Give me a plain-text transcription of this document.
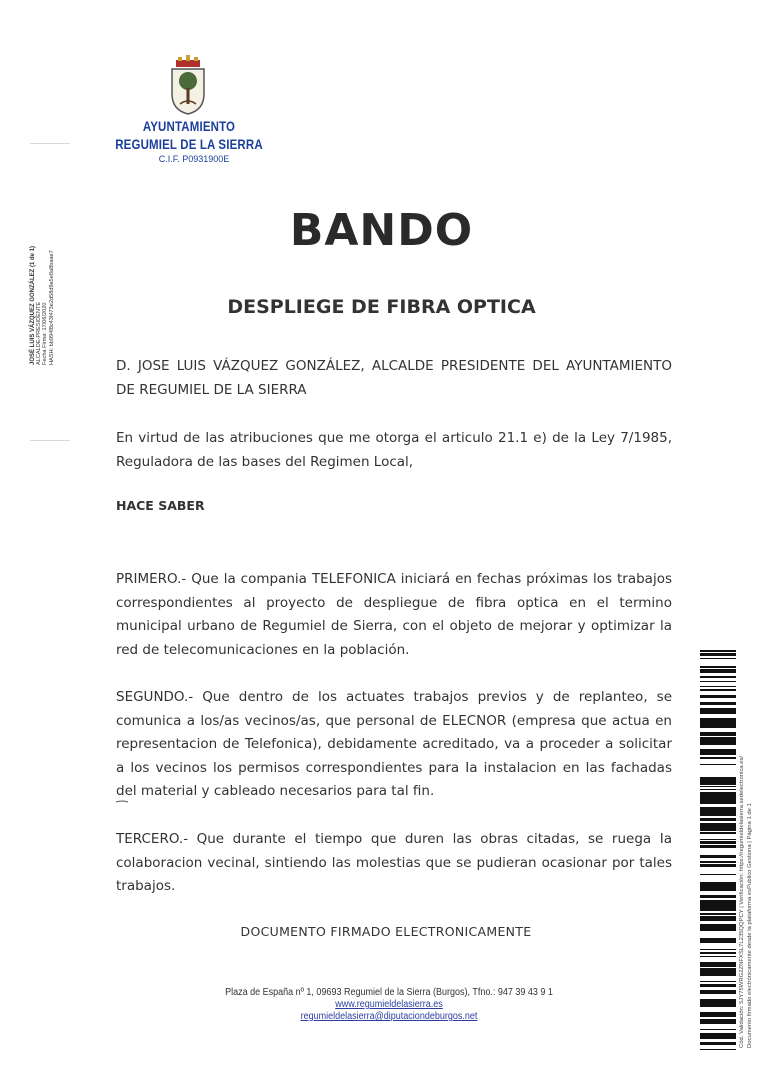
AYUNTAMIENTO
REGUMIEL DE LA SIERRA
C.I.F. P0931900E
JOSÉ LUIS VÁZQUEZ GONZÁLEZ (1 de 1) ALCALDE-PRESIDENTE Fecha Firma: 17/06/2020 HASH: bb994f8c43f473e2d58d9a5e8a8baae7
BANDO
DESPLIEGE DE FIBRA OPTICA
D. JOSE LUIS VÁZQUEZ GONZÁLEZ, ALCALDE PRESIDENTE DEL AYUNTAMIENTO DE REGUMIEL DE LA SIERRA
En virtud de las atribuciones que me otorga el articulo 21.1 e) de la Ley 7/1985, Reguladora de las bases del Regimen Local,
HACE SABER
PRIMERO.- Que la compania TELEFONICA iniciará en fechas próximas los trabajos correspondientes al proyecto de despliegue de fibra optica en el termino municipal urbano de Regumiel de Sierra, con el objeto de mejorar y optimizar la red de telecomunicaciones en la población.
SEGUNDO.- Que dentro de los actuates trabajos previos y de replanteo, se comunica a los/as vecinos/as, que personal de ELECNOR (empresa que actua en representacion de Telefonica), debidamente acreditado, va a proceder a solicitar a los vecinos los permisos correspondientes para Ia instalacion en las fachadas del material y cableado necesarios para tal fin.
TERCERO.- Que durante el tiempo que duren las obras citadas, se ruega Ia colaboracion vecinal, sintiendo las molestias que se pudieran ocasionar por tales trabajos.
DOCUMENTO FIRMADO ELECTRONICAMENTE
Plaza de España nº 1, 09693 Regumiel de la Sierra (Burgos), Tfno.: 947 39 43 9 1
www.regumieldelasierra.es
regumieldelasierra@diputaciondeburgos.net	Cód. Validación: 5JY75WRG2ZNFXSL7L235QQPCY | Verificación: https://regumieldelasierra.sedelectronica.es/ Documento firmado electrónicamente desde la plataforma esPublico Gestiona | Página 1 de 1
